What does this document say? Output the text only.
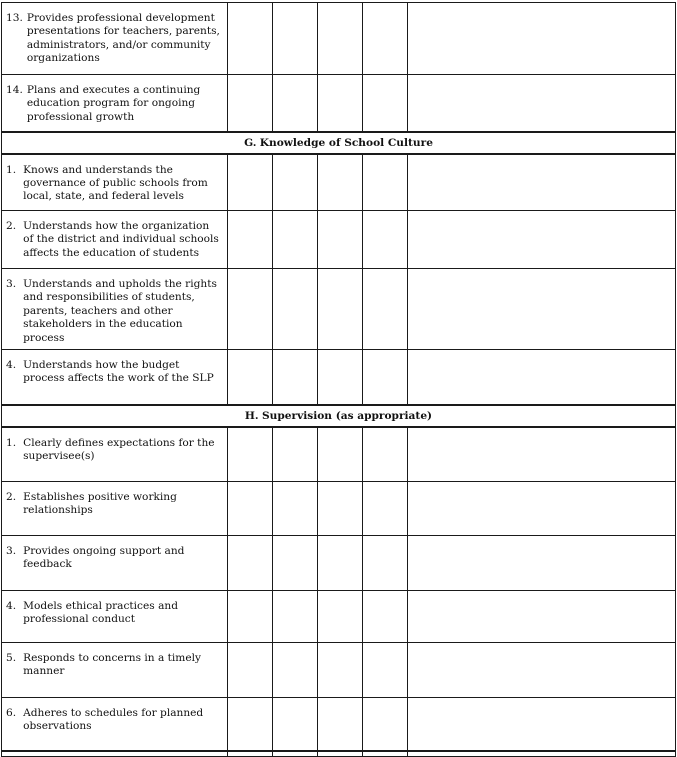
13. Provides professional development presentations for teachers, parents, administrators, and/or community organizations					

14. Plans and executes a continuing education program for ongoing professional growth					

G. Knowledge of School Culture					

1. Knows and understands the governance of public schools from local, state, and federal levels					

2. Understands how the organization of the district and individual schools affects the education of students					

3. Understands and upholds the rights and responsibilities of students, parents, teachers and other stakeholders in the education process					

4. Understands how the budget process affects the work of the SLP					

H. Supervision (as appropriate)					

1. Clearly defines expectations for the supervisee(s)					

2. Establishes positive working relationships					

3. Provides ongoing support and feedback					

4. Models ethical practices and professional conduct					

5. Responds to concerns in a timely manner					

6. Adheres to schedules for planned observations					
